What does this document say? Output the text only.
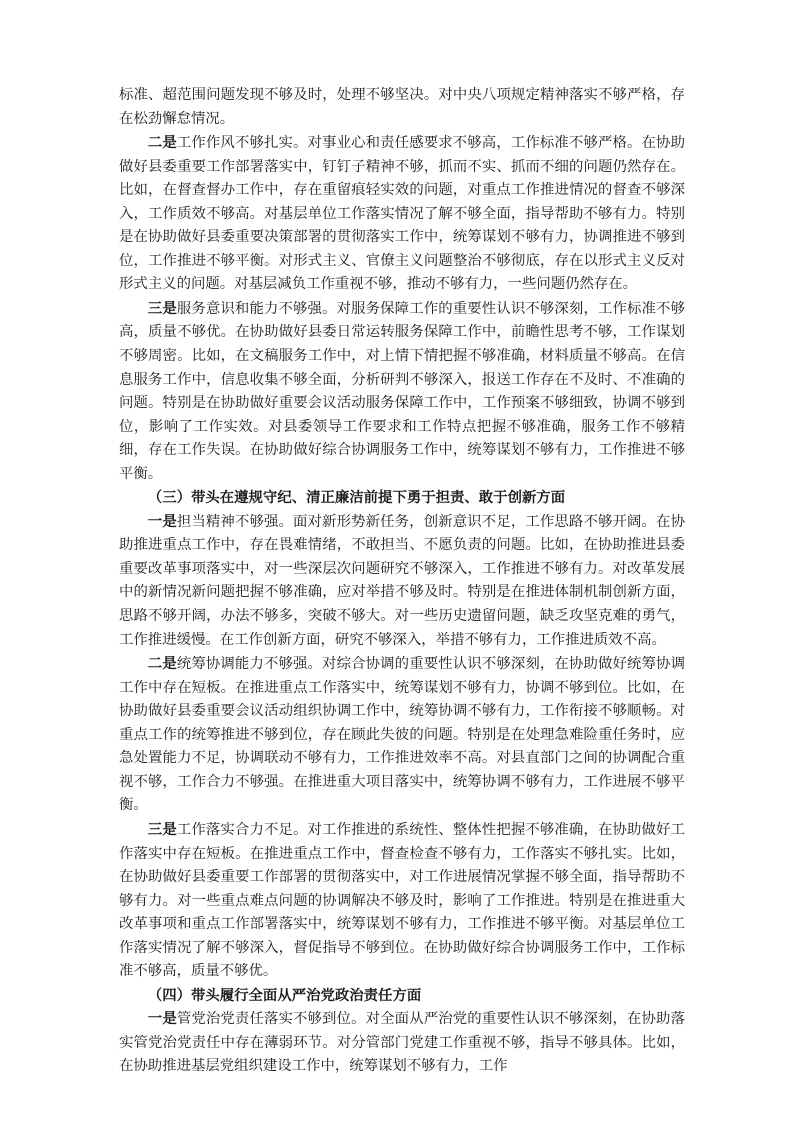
标准、超范围问题发现不够及时，处理不够坚决。对中央八项规定精神落实不够严格，存在松劲懈怠情况。

二是工作作风不够扎实。对事业心和责任感要求不够高，工作标准不够严格。在协助做好县委重要工作部署落实中，钉钉子精神不够，抓而不实、抓而不细的问题仍然存在。比如，在督查督办工作中，存在重留痕轻实效的问题，对重点工作推进情况的督查不够深入，工作质效不够高。对基层单位工作落实情况了解不够全面，指导帮助不够有力。特别是在协助做好县委重要决策部署的贯彻落实工作中，统筹谋划不够有力，协调推进不够到位，工作推进不够平衡。对形式主义、官僚主义问题整治不够彻底，存在以形式主义反对形式主义的问题。对基层减负工作重视不够，推动不够有力，一些问题仍然存在。

三是服务意识和能力不够强。对服务保障工作的重要性认识不够深刻，工作标准不够高，质量不够优。在协助做好县委日常运转服务保障工作中，前瞻性思考不够，工作谋划不够周密。比如，在文稿服务工作中，对上情下情把握不够准确，材料质量不够高。在信息服务工作中，信息收集不够全面，分析研判不够深入，报送工作存在不及时、不准确的问题。特别是在协助做好重要会议活动服务保障工作中，工作预案不够细致，协调不够到位，影响了工作实效。对县委领导工作要求和工作特点把握不够准确，服务工作不够精细，存在工作失误。在协助做好综合协调服务工作中，统筹谋划不够有力，工作推进不够平衡。

（三）带头在遵规守纪、清正廉洁前提下勇于担责、敢于创新方面

一是担当精神不够强。面对新形势新任务，创新意识不足，工作思路不够开阔。在协助推进重点工作中，存在畏难情绪，不敢担当、不愿负责的问题。比如，在协助推进县委重要改革事项落实中，对一些深层次问题研究不够深入，工作推进不够有力。对改革发展中的新情况新问题把握不够准确，应对举措不够及时。特别是在推进体制机制创新方面，思路不够开阔，办法不够多，突破不够大。对一些历史遗留问题，缺乏攻坚克难的勇气，工作推进缓慢。在工作创新方面，研究不够深入，举措不够有力，工作推进质效不高。

二是统筹协调能力不够强。对综合协调的重要性认识不够深刻，在协助做好统筹协调工作中存在短板。在推进重点工作落实中，统筹谋划不够有力，协调不够到位。比如，在协助做好县委重要会议活动组织协调工作中，统筹协调不够有力，工作衔接不够顺畅。对重点工作的统筹推进不够到位，存在顾此失彼的问题。特别是在处理急难险重任务时，应急处置能力不足，协调联动不够有力，工作推进效率不高。对县直部门之间的协调配合重视不够，工作合力不够强。在推进重大项目落实中，统筹协调不够有力，工作进展不够平衡。

三是工作落实合力不足。对工作推进的系统性、整体性把握不够准确，在协助做好工作落实中存在短板。在推进重点工作中，督查检查不够有力，工作落实不够扎实。比如，在协助做好县委重要工作部署的贯彻落实中，对工作进展情况掌握不够全面，指导帮助不够有力。对一些重点难点问题的协调解决不够及时，影响了工作推进。特别是在推进重大改革事项和重点工作部署落实中，统筹谋划不够有力，工作推进不够平衡。对基层单位工作落实情况了解不够深入，督促指导不够到位。在协助做好综合协调服务工作中，工作标准不够高，质量不够优。

（四）带头履行全面从严治党政治责任方面

一是管党治党责任落实不够到位。对全面从严治党的重要性认识不够深刻，在协助落实管党治党责任中存在薄弱环节。对分管部门党建工作重视不够，指导不够具体。比如，在协助推进基层党组织建设工作中，统筹谋划不够有力，工作
